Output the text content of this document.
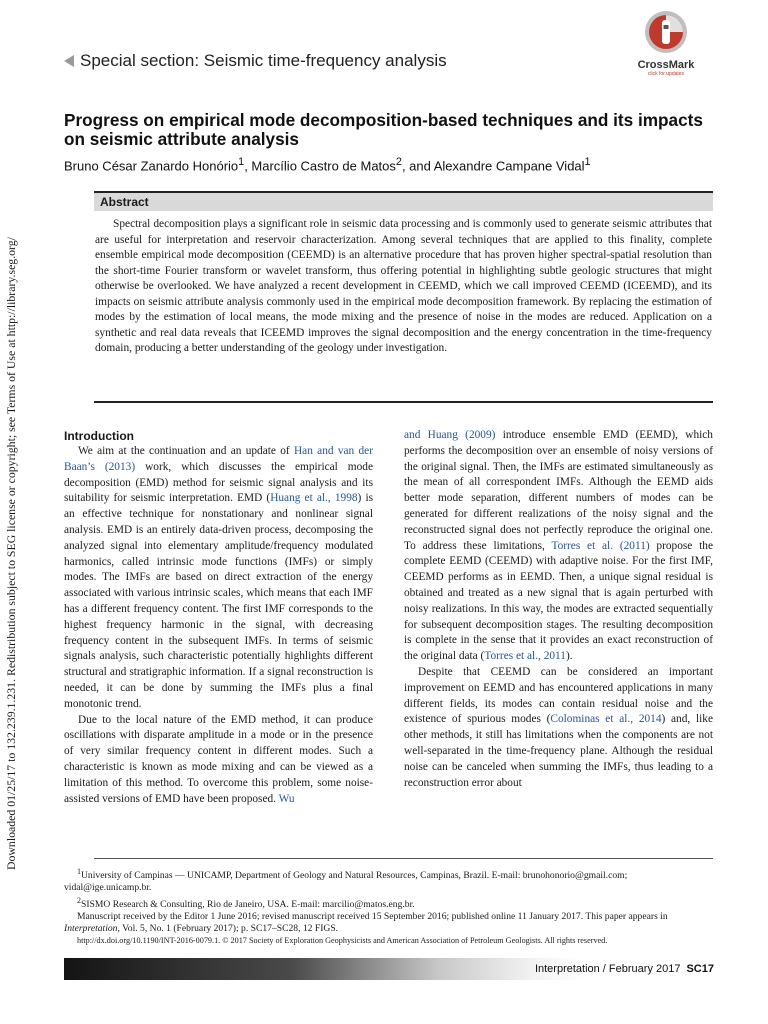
Downloaded 01/25/17 to 132.239.1.231. Redistribution subject to SEG license or copyright; see Terms of Use at http://library.seg.org/
Special section: Seismic time-frequency analysis	CrossMark
click for updates
Progress on empirical mode decomposition-based techniques and its impacts on seismic attribute analysis
Bruno César Zanardo Honório$^1$, Marcílio Castro de Matos$^2$, and Alexandre Campane Vidal$^1$
Abstract

Spectral decomposition plays a significant role in seismic data processing and is commonly used to generate seismic attributes that are useful for interpretation and reservoir characterization. Among several techniques that are applied to this finality, complete ensemble empirical mode decomposition (CEEMD) is an alternative procedure that has proven higher spectral-spatial resolution than the short-time Fourier transform or wavelet transform, thus offering potential in highlighting subtle geologic structures that might otherwise be overlooked. We have analyzed a recent development in CEEMD, which we call improved CEEMD (ICEEMD), and its impacts on seismic attribute analysis commonly used in the empirical mode decomposition framework. By replacing the estimation of modes by the estimation of local means, the mode mixing and the presence of noise in the modes are reduced. Application on a synthetic and real data reveals that ICEEMD improves the signal decomposition and the energy concentration in the time-frequency domain, producing a better understanding of the geology under investigation.

Introduction

We aim at the continuation and an update of Han and van der Baan’s (2013) work, which discusses the empirical mode decomposition (EMD) method for seismic signal analysis and its suitability for seismic interpretation. EMD (Huang et al., 1998) is an effective technique for nonstationary and nonlinear signal analysis. EMD is an entirely data-driven process, decomposing the analyzed signal into elementary amplitude/frequency modulated harmonics, called intrinsic mode functions (IMFs) or simply modes. The IMFs are based on direct extraction of the energy associated with various intrinsic scales, which means that each IMF has a different frequency content. The first IMF corresponds to the highest frequency harmonic in the signal, with decreasing frequency content in the subsequent IMFs. In terms of seismic signals analysis, such characteristic potentially highlights different structural and stratigraphic information. If a signal reconstruction is needed, it can be done by summing the IMFs plus a final monotonic trend.

Due to the local nature of the EMD method, it can produce oscillations with disparate amplitude in a mode or in the presence of very similar frequency content in different modes. Such a characteristic is known as mode mixing and can be viewed as a limitation of this method. To overcome this problem, some noise-assisted versions of EMD have been proposed. Wu

and Huang (2009) introduce ensemble EMD (EEMD), which performs the decomposition over an ensemble of noisy versions of the original signal. Then, the IMFs are estimated simultaneously as the mean of all correspondent IMFs. Although the EEMD aids better mode separation, different numbers of modes can be generated for different realizations of the noisy signal and the reconstructed signal does not perfectly reproduce the original one. To address these limitations, Torres et al. (2011) propose the complete EEMD (CEEMD) with adaptive noise. For the first IMF, CEEMD performs as in EEMD. Then, a unique signal residual is obtained and treated as a new signal that is again perturbed with noisy realizations. In this way, the modes are extracted sequentially for subsequent decomposition stages. The resulting decomposition is complete in the sense that it provides an exact reconstruction of the original data (Torres et al., 2011).

Despite that CEEMD can be considered an important improvement on EEMD and has encountered applications in many different fields, its modes can contain residual noise and the existence of spurious modes (Colominas et al., 2014) and, like other methods, it still has limitations when the components are not well-separated in the time-frequency plane. Although the residual noise can be canceled when summing the IMFs, thus leading to a reconstruction error about

$^1$University of Campinas — UNICAMP, Department of Geology and Natural Resources, Campinas, Brazil. E-mail: brunohonorio@gmail.com; vidal@ige.unicamp.br.

$^2$SISMO Research & Consulting, Rio de Janeiro, USA. E-mail: marcilio@matos.eng.br.

Manuscript received by the Editor 1 June 2016; revised manuscript received 15 September 2016; published online 11 January 2017. This paper appears in Interpretation, Vol. 5, No. 1 (February 2017); p. SC17–SC28, 12 FIGS.

http://dx.doi.org/10.1190/INT-2016-0079.1. © 2017 Society of Exploration Geophysicists and American Association of Petroleum Geologists. All rights reserved.

Interpretation / February 2017 SC17
